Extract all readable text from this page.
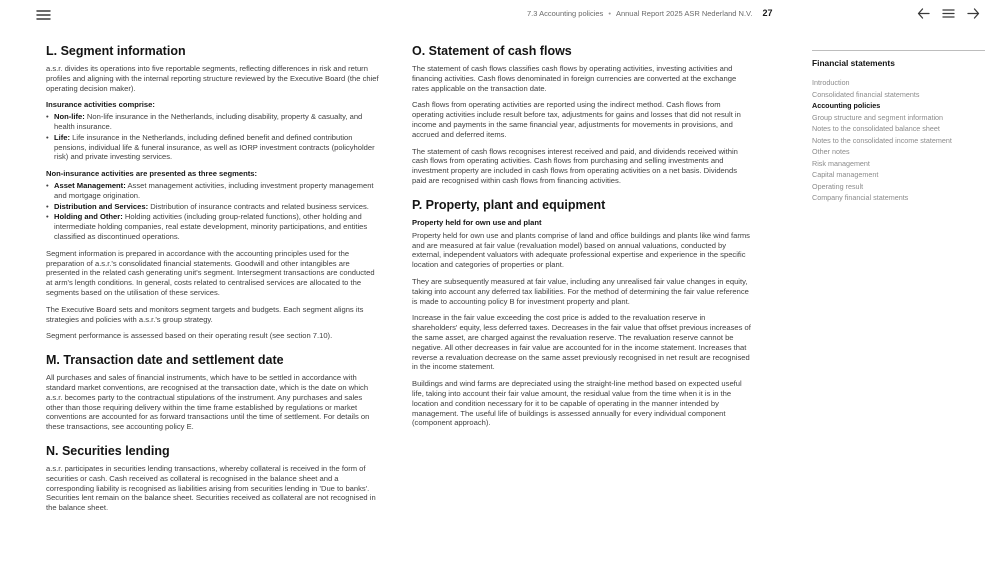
7.3 Accounting policies • Annual Report 2025 ASR Nederland N.V. 27
L. Segment information

a.s.r. divides its operations into five reportable segments, reflecting differences in risk and return profiles and aligning with the internal reporting structure reviewed by the Executive Board (the chief operating decision maker).

Insurance activities comprise:

• Non-life: Non-life insurance in the Netherlands, including disability, property & casualty, and health insurance.
• Life: Life insurance in the Netherlands, including defined benefit and defined contribution pensions, individual life & funeral insurance, as well as IORP investment contracts (policyholder risk) and private investing services.

Non-insurance activities are presented as three segments:

• Asset Management: Asset management activities, including investment property management and mortgage origination.
• Distribution and Services: Distribution of insurance contracts and related business services.
• Holding and Other: Holding activities (including group-related functions), other holding and intermediate holding companies, real estate development, minority participations, and entities classified as discontinued operations.

Segment information is prepared in accordance with the accounting principles used for the preparation of a.s.r.'s consolidated financial statements. Goodwill and other intangibles are presented in the related cash generating unit's segment. Intersegment transactions are conducted at arm's length conditions. In general, costs related to centralised services are allocated to the segments based on the utilisation of these services.

The Executive Board sets and monitors segment targets and budgets. Each segment aligns its strategies and policies with a.s.r.'s group strategy.

Segment performance is assessed based on their operating result (see section 7.10).

M. Transaction date and settlement date

All purchases and sales of financial instruments, which have to be settled in accordance with standard market conventions, are recognised at the transaction date, which is the date on which a.s.r. becomes party to the contractual stipulations of the instrument. Any purchases and sales other than those requiring delivery within the time frame established by regulations or market conventions are accounted for as forward transactions until the time of settlement. For details on these transactions, see accounting policy E.

N. Securities lending

a.s.r. participates in securities lending transactions, whereby collateral is received in the form of securities or cash. Cash received as collateral is recognised in the balance sheet and a corresponding liability is recognised as liabilities arising from securities lending in 'Due to banks'. Securities lent remain on the balance sheet. Securities received as collateral are not recognised in the balance sheet.

O. Statement of cash flows

The statement of cash flows classifies cash flows by operating activities, investing activities and financing activities. Cash flows denominated in foreign currencies are converted at the exchange rates applicable on the transaction date.

Cash flows from operating activities are reported using the indirect method. Cash flows from operating activities include result before tax, adjustments for gains and losses that did not result in income and payments in the same financial year, adjustments for movements in provisions, and accrued and deferred items.

The statement of cash flows recognises interest received and paid, and dividends received within cash flows from operating activities. Cash flows from purchasing and selling investments and investment property are included in cash flows from operating activities on a net basis. Dividends paid are recognised within cash flows from financing activities.

P. Property, plant and equipment
Property held for own use and plant

Property held for own use and plants comprise of land and office buildings and plants like wind farms and are measured at fair value (revaluation model) based on annual valuations, conducted by external, independent valuators with adequate professional expertise and experience in the specific location and categories of properties or plant.

They are subsequently measured at fair value, including any unrealised fair value changes in equity, taking into account any deferred tax liabilities. For the method of determining the fair value reference is made to accounting policy B for investment property and plant.

Increase in the fair value exceeding the cost price is added to the revaluation reserve in shareholders' equity, less deferred taxes. Decreases in the fair value that offset previous increases of the same asset, are charged against the revaluation reserve. The revaluation reserve cannot be negative. All other decreases in fair value are accounted for in the income statement. Increases that reverse a revaluation decrease on the same asset previously recognised in net result are recognised in the income statement.

Buildings and wind farms are depreciated using the straight-line method based on expected useful life, taking into account their fair value amount, the residual value from the time when it is in the location and condition necessary for it to be capable of operating in the manner intended by management. The useful life of buildings is assessed annually for every individual component (component approach).

Financial statements
Introduction
Consolidated financial statements
Accounting policies
Group structure and segment information
Notes to the consolidated balance sheet
Notes to the consolidated income statement
Other notes
Risk management
Capital management
Operating result
Company financial statements
